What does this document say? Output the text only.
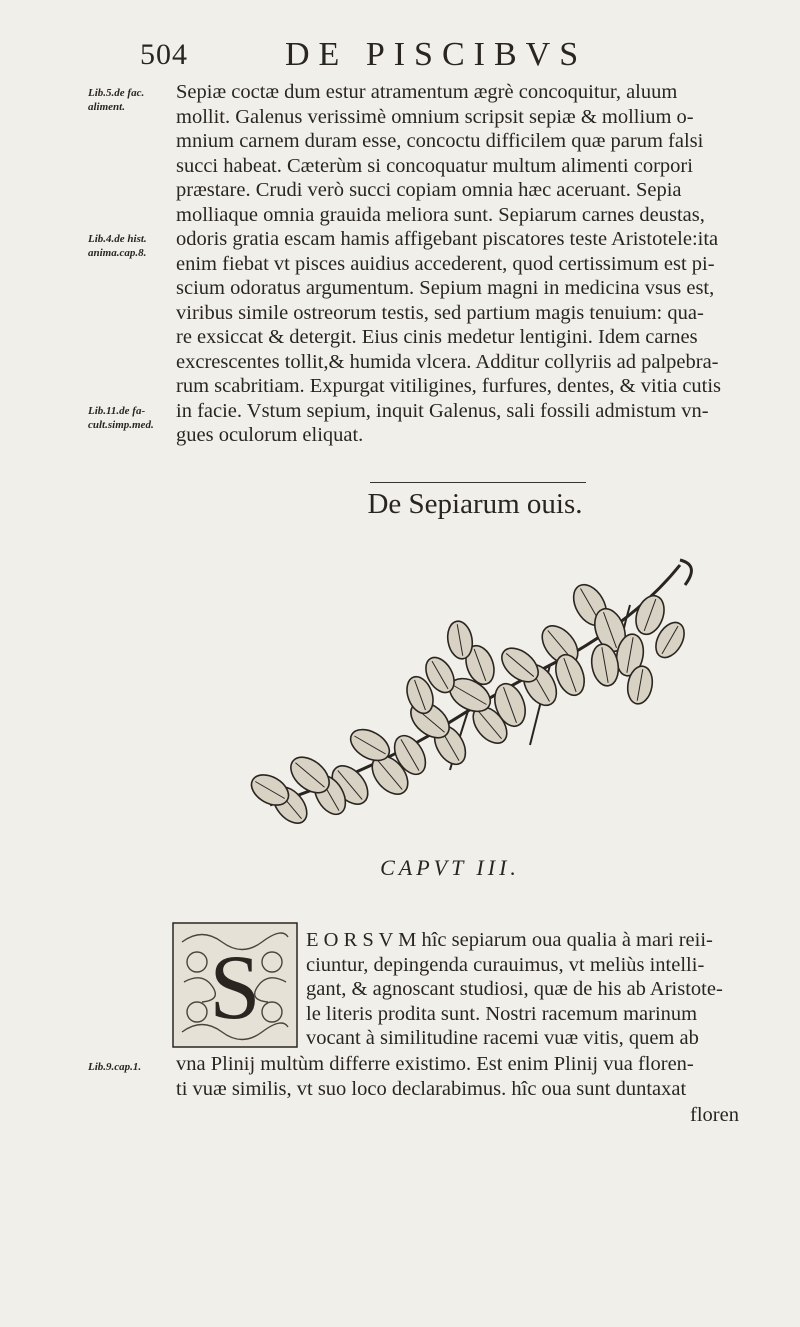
504	DE PISCIBVS
Lib.5.de fac. aliment.
Lib.4.de hist. anima.cap.8.
Lib.11.de fa- cult.simp.med.
Lib.9.cap.1.
Sepiæ coctæ dum estur atramentum ægrè concoquitur, aluum
mollit. Galenus verissimè omnium scripsit sepiæ & mollium o-
mnium carnem duram esse, concoctu difficilem quæ parum falsi
succi habeat. Cæterùm si concoquatur multum alimenti corpori
præstare. Crudi verò succi copiam omnia hæc aceruant. Sepia
molliaque omnia grauida meliora sunt. Sepiarum carnes deustas,
odoris gratia escam hamis affigebant piscatores teste Aristotele:ita
enim fiebat vt pisces auidius accederent, quod certissimum est pi-
scium odoratus argumentum. Sepium magni in medicina vsus est,
viribus simile ostreorum testis, sed partium magis tenuium: qua-
re exsiccat & detergit. Eius cinis medetur lentigini. Idem carnes
excrescentes tollit,& humida vlcera. Additur collyriis ad palpebra-
rum scabritiam. Expurgat vitiligines, furfures, dentes, & vitia cutis
in facie. Vstum sepium, inquit Galenus, sali fossili admistum vn-
gues oculorum eliquat.
De Sepiarum ouis.
CAPVT III.
S E O R S V M hîc sepiarum oua qualia à mari reii-
ciuntur, depingenda curauimus, vt meliùs intelli-
gant, & agnoscant studiosi, quæ de his ab Aristote-
le literis prodita sunt. Nostri racemum marinum
vocant à similitudine racemi vuæ vitis, quem ab
vna Plinij multùm differre existimo. Est enim Plinij vua floren-
ti vuæ similis, vt suo loco declarabimus. hîc oua sunt duntaxat
floren
